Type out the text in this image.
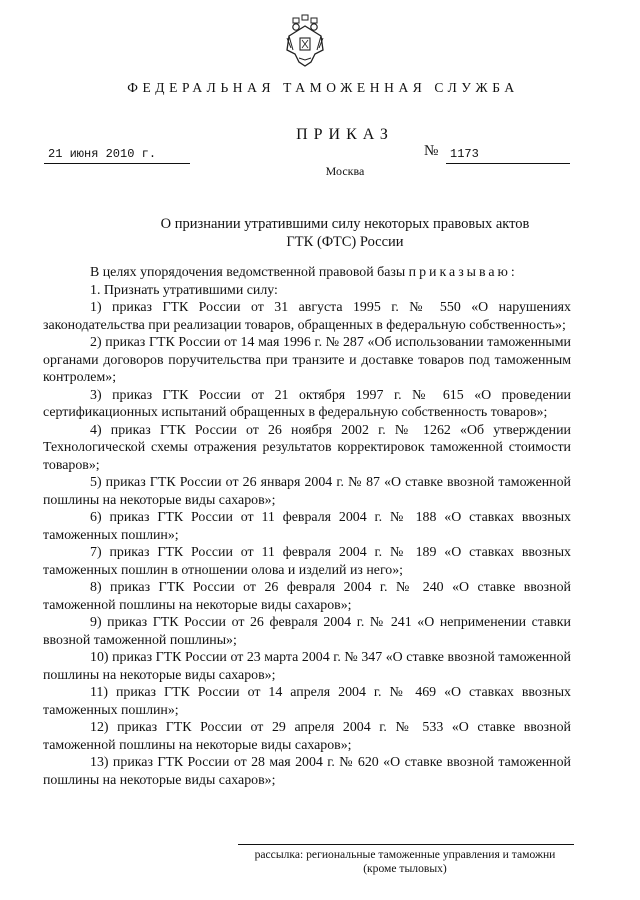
ФЕДЕРАЛЬНАЯ ТАМОЖЕННАЯ СЛУЖБА
ПРИКАЗ
21 июня 2010 г.	№ 1173
Москва
О признании утратившими силу некоторых правовых актов
ГТК (ФТС) России

В целях упорядочения ведомственной правовой базы приказываю:

1. Признать утратившими силу:

1) приказ ГТК России от 31 августа 1995 г. № 550 «О нарушениях законодательства при реализации товаров, обращенных в федеральную собственность»;

2) приказ ГТК России от 14 мая 1996 г. № 287 «Об использовании таможенными органами договоров поручительства при транзите и доставке товаров под таможенным контролем»;

3) приказ ГТК России от 21 октября 1997 г. № 615 «О проведении сертификационных испытаний обращенных в федеральную собственность товаров»;

4) приказ ГТК России от 26 ноября 2002 г. № 1262 «Об утверждении Технологической схемы отражения результатов корректировок таможенной стоимости товаров»;

5) приказ ГТК России от 26 января 2004 г. № 87 «О ставке ввозной таможенной пошлины на некоторые виды сахаров»;

6) приказ ГТК России от 11 февраля 2004 г. № 188 «О ставках ввозных таможенных пошлин»;

7) приказ ГТК России от 11 февраля 2004 г. № 189 «О ставках ввозных таможенных пошлин в отношении олова и изделий из него»;

8) приказ ГТК России от 26 февраля 2004 г. № 240 «О ставке ввозной таможенной пошлины на некоторые виды сахаров»;

9) приказ ГТК России от 26 февраля 2004 г. № 241 «О неприменении ставки ввозной таможенной пошлины»;

10) приказ ГТК России от 23 марта 2004 г. № 347 «О ставке ввозной таможенной пошлины на некоторые виды сахаров»;

11) приказ ГТК России от 14 апреля 2004 г. № 469 «О ставках ввозных таможенных пошлин»;

12) приказ ГТК России от 29 апреля 2004 г. № 533 «О ставке ввозной таможенной пошлины на некоторые виды сахаров»;

13) приказ ГТК России от 28 мая 2004 г. № 620 «О ставке ввозной таможенной пошлины на некоторые виды сахаров»;

рассылка: региональные таможенные управления и таможни
(кроме тыловых)
